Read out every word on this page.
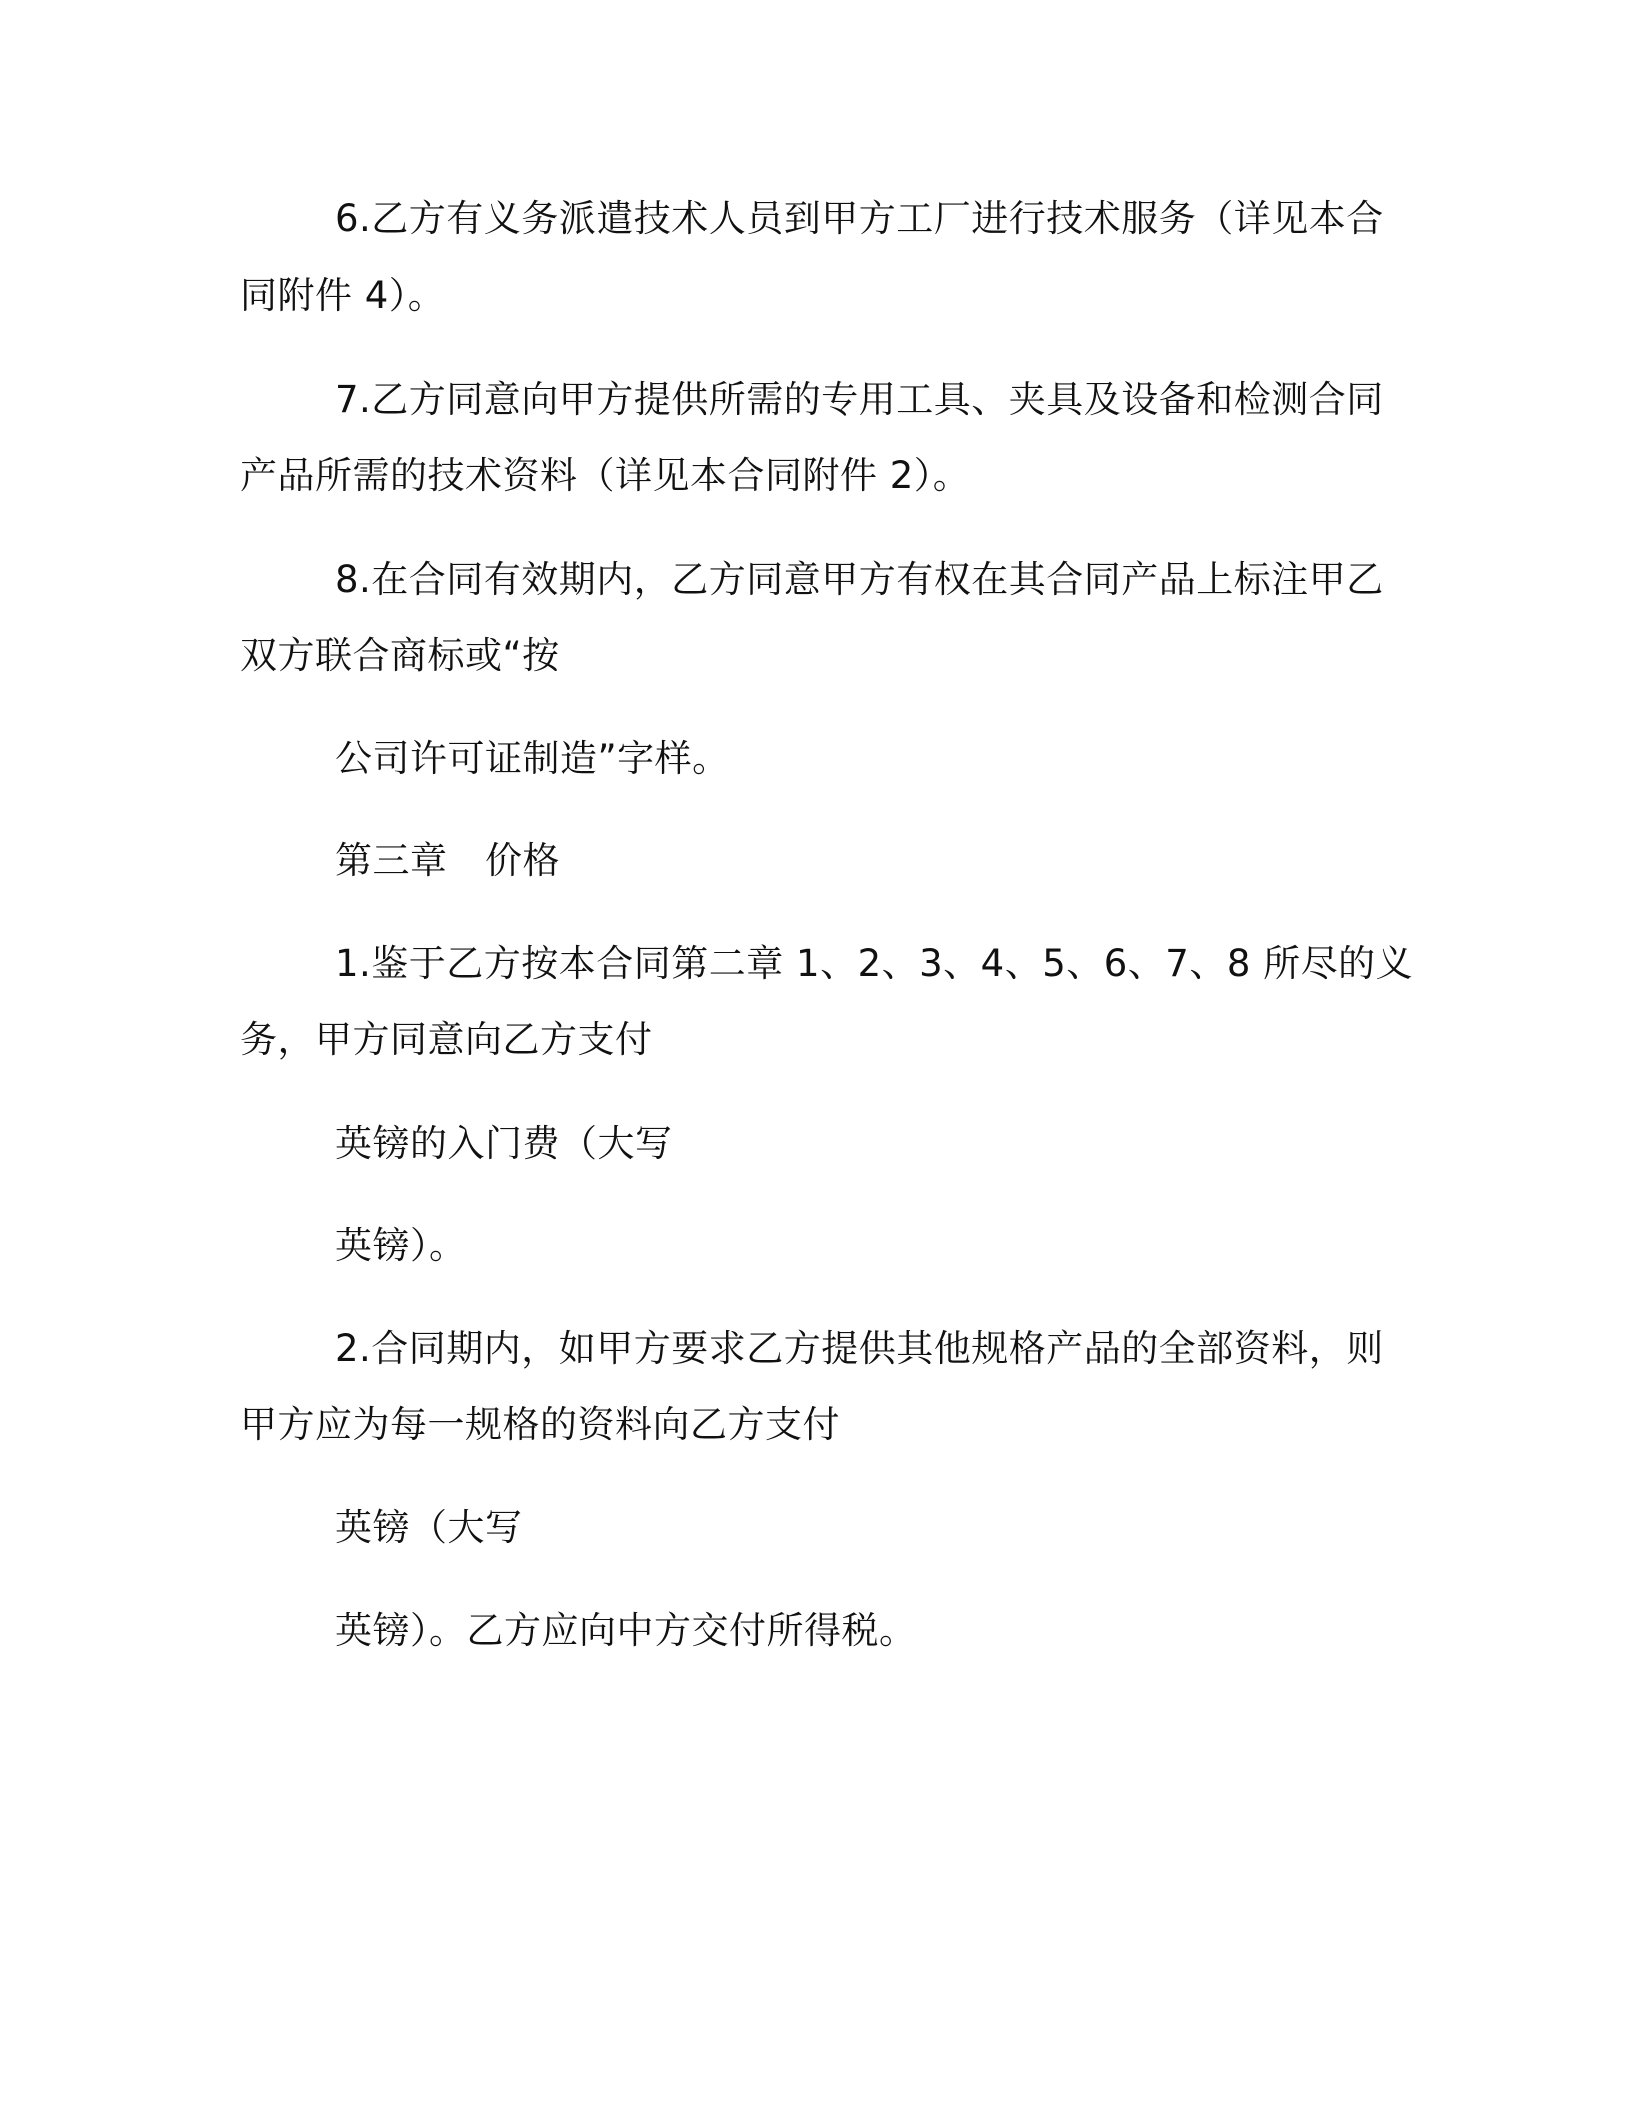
6.乙方有义务派遣技术人员到甲方工厂进行技术服务（详见本合
同附件 4）。
7.乙方同意向甲方提供所需的专用工具、夹具及设备和检测合同
产品所需的技术资料（详见本合同附件 2）。
8.在合同有效期内，乙方同意甲方有权在其合同产品上标注甲乙
双方联合商标或“按
公司许可证制造”字样。
第三章　价格
1.鉴于乙方按本合同第二章 1、2、3、4、5、6、7、8 所尽的义
务，甲方同意向乙方支付
英镑的入门费（大写
英镑）。
2.合同期内，如甲方要求乙方提供其他规格产品的全部资料，则
甲方应为每一规格的资料向乙方支付
英镑（大写
英镑）。乙方应向中方交付所得税。
